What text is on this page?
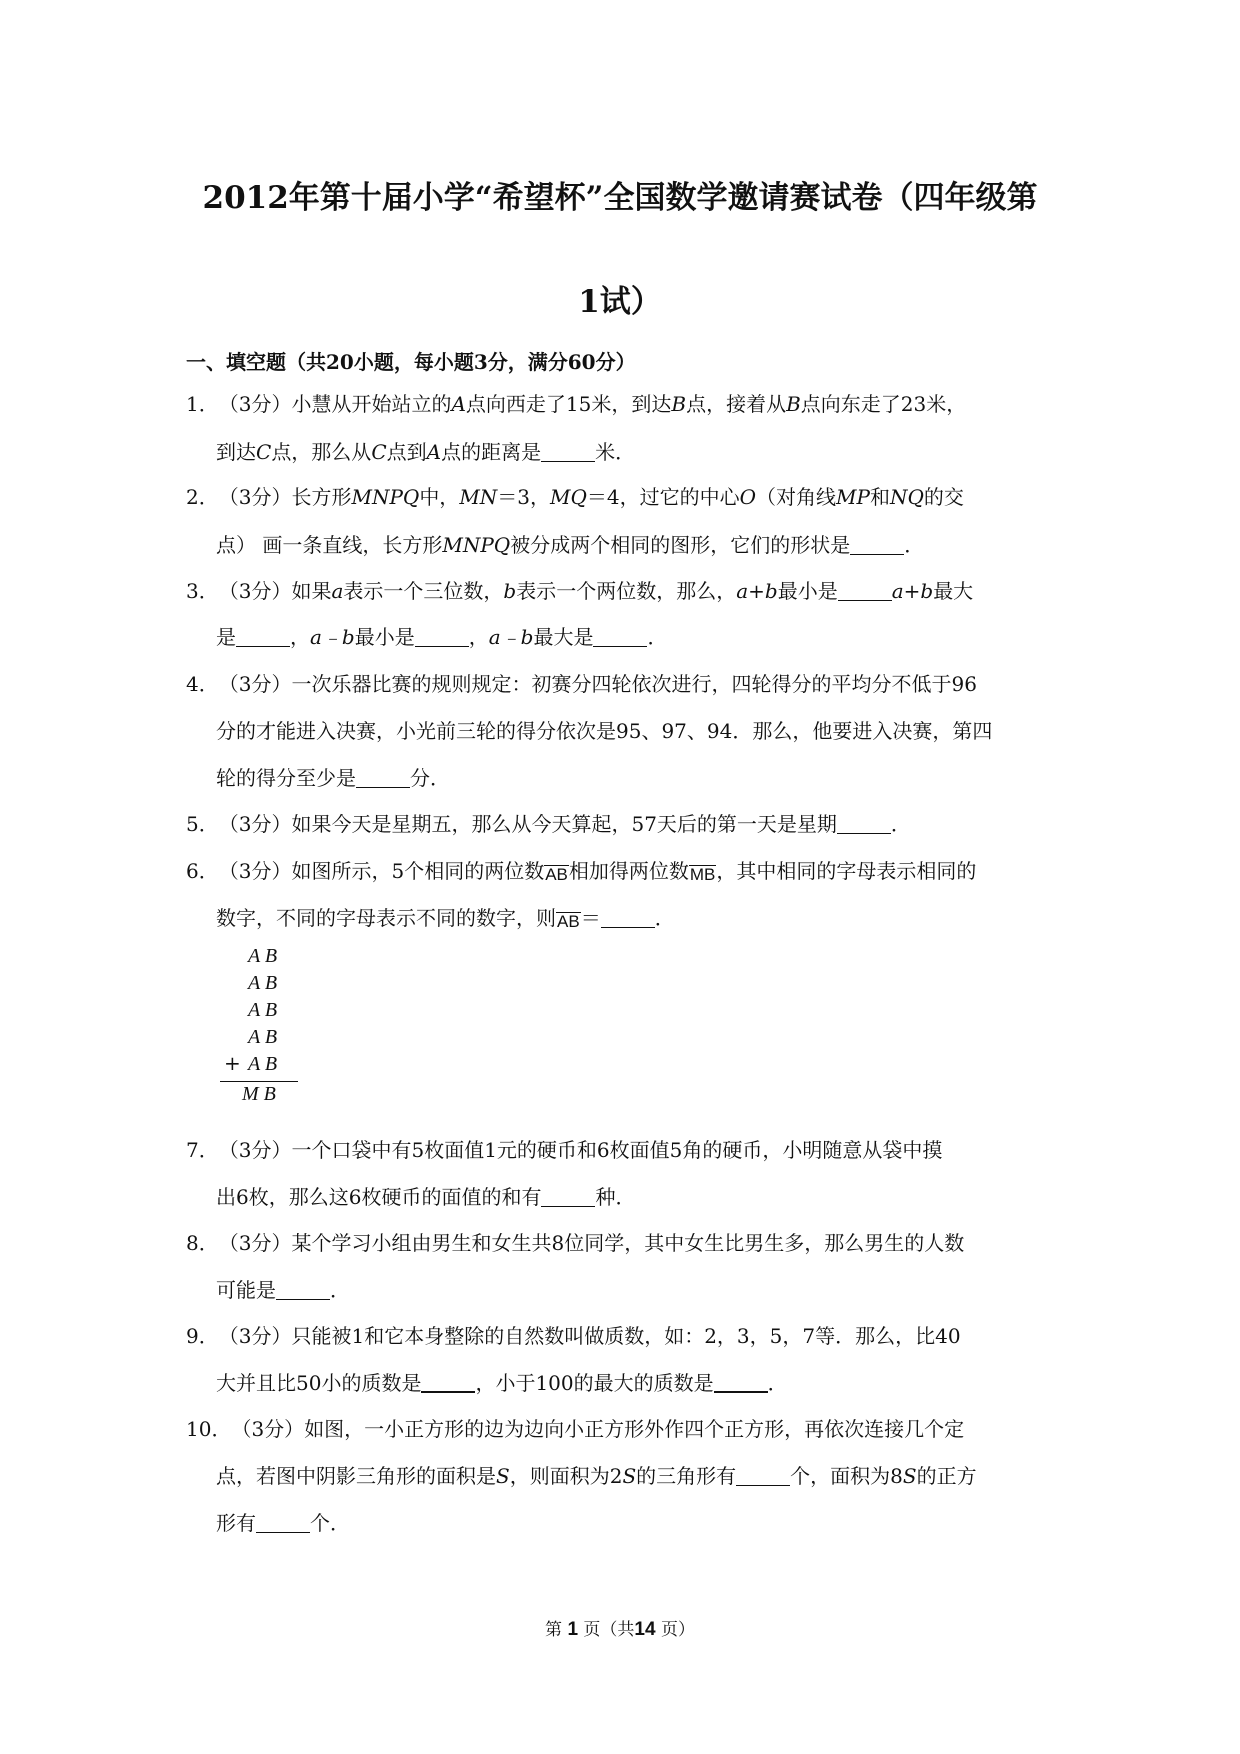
2012年第十届小学“希望杯”全国数学邀请赛试卷（四年级第
1试）
一、填空题（共20小题，每小题3分，满分60分）
1．（3分）小慧从开始站立的A点向西走了15米，到达B点，接着从B点向东走了23米，
到达C点，那么从C点到A点的距离是	米．
2．（3分）长方形MNPQ中，MN＝3，MQ＝4，过它的中心O（对角线MP和NQ的交
点） 画一条直线，长方形MNPQ被分成两个相同的图形，它们的形状是	．
3．（3分）如果a表示一个三位数，b表示一个两位数，那么，a+b最小是	a+b最大
是	，a﹣b最小是	，a﹣b最大是	．
4．（3分）一次乐器比赛的规则规定：初赛分四轮依次进行，四轮得分的平均分不低于96
分的才能进入决赛，小光前三轮的得分依次是95、97、94．那么，他要进入决赛，第四
轮的得分至少是	分．
5．（3分）如果今天是星期五，那么从今天算起，57天后的第一天是星期	．
6．（3分）如图所示，5个相同的两位数AB相加得两位数MB，其中相同的字母表示相同的
数字，不同的字母表示不同的数字，则AB＝	．
A B
A B
A B
A B
+ A B
M B
7．（3分）一个口袋中有5枚面值1元的硬币和6枚面值5角的硬币，小明随意从袋中摸
出6枚，那么这6枚硬币的面值的和有	种．
8．（3分）某个学习小组由男生和女生共8位同学，其中女生比男生多，那么男生的人数
可能是	．
9．（3分）只能被1和它本身整除的自然数叫做质数，如：2，3，5，7等．那么，比40
大并且比50小的质数是	，小于100的最大的质数是	．
10．（3分）如图，一小正方形的边为边向小正方形外作四个正方形，再依次连接几个定
点，若图中阴影三角形的面积是S，则面积为2S的三角形有	个，面积为8S的正方
形有	个．
第 1 页（共14 页）
